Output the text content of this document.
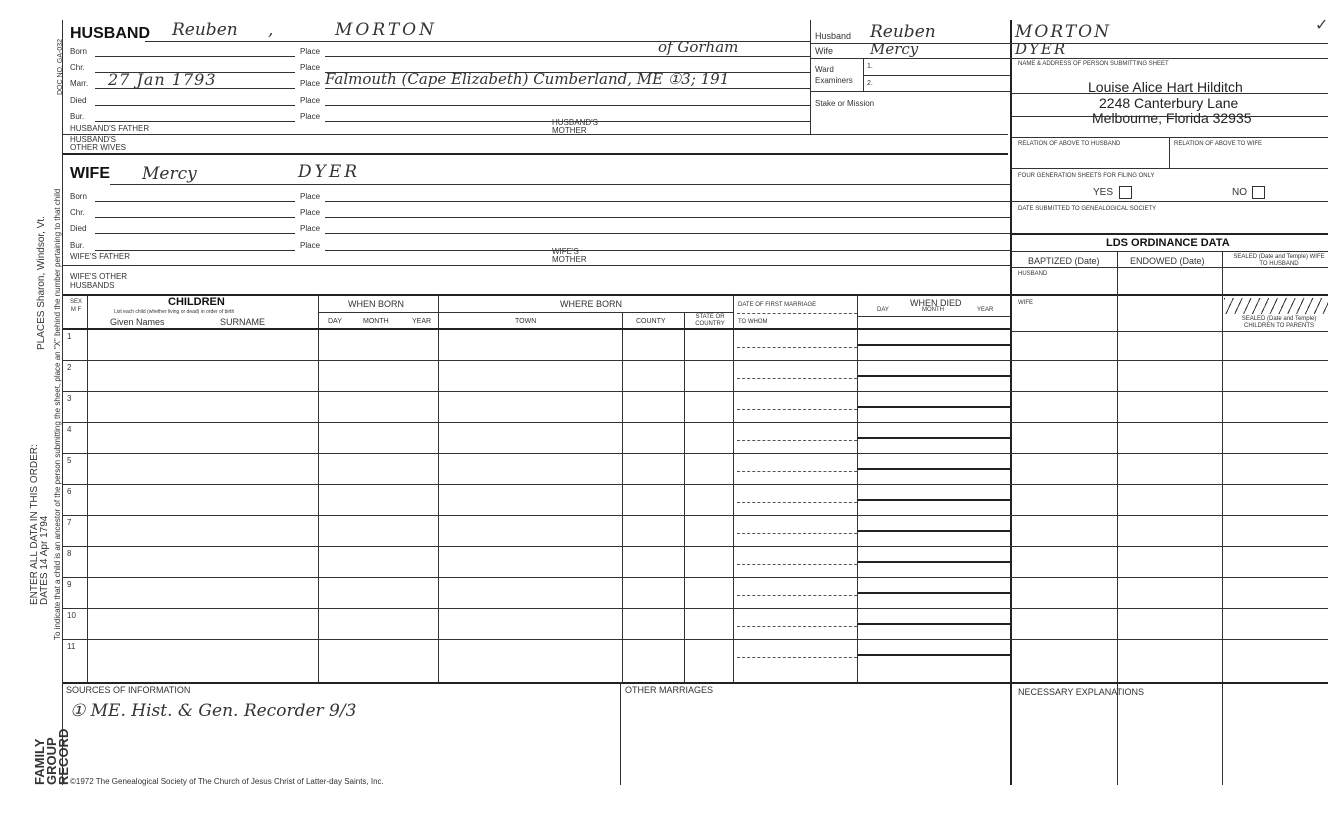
DOC NO. GA-032
To indicate that a child is an ancestor of the person submitting the sheet, place an "X" behind the number pertaining to that child
ENTER ALL DATA IN THIS ORDER: DATES 14 Apr 1794
PLACES Sharon, Windsor, Vt.
FAMILY GROUP RECORD
HUSBAND Reuben ,	MORTON
Born	Place	of Gorham
Chr.	Place
Marr. 27 Jan 1793	Place Falmouth (Cape Elizabeth) Cumberland, ME ①3; 191
Died	Place
Bur.	Place
HUSBAND'S FATHER
HUSBAND'S MOTHER
HUSBAND'S OTHER WIVES
WIFE Mercy	DYER
Born	Place
Chr.	Place
Died	Place
Bur.	Place
WIFE'S FATHER
WIFE'S MOTHER
WIFE'S OTHER HUSBANDS
Husband Reuben	MORTON
Wife Mercy	DYER
Ward
Examiners
1.
2.
Stake or Mission
NAME & ADDRESS OF PERSON SUBMITTING SHEET
Louise Alice Hart Hilditch
2248 Canterbury Lane
Melbourne, Florida 32935
RELATION OF ABOVE TO HUSBAND	RELATION OF ABOVE TO WIFE
FOUR GENERATION SHEETS FOR FILING ONLY
YES	NO
DATE SUBMITTED TO GENEALOGICAL SOCIETY
✓
LDS ORDINANCE DATA
BAPTIZED (Date)	ENDOWED (Date)	SEALED (Date and Temple) WIFE TO HUSBAND
HUSBAND
WIFE
SEALED (Date and Temple) CHILDREN TO PARENTS
SEX M F
CHILDREN
List each child (whether living or dead) in order of birth
Given Names	SURNAME
WHEN BORN
DAY	MONTH	YEAR
WHERE BORN
TOWN	COUNTY
STATE OR COUNTRY
DATE OF FIRST MARRIAGE
TO WHOM
WHEN DIED
DAY	MONTH	YEAR
1
2
3
4
5
6
7
8
9
10
11
SOURCES OF INFORMATION
① ME. Hist. & Gen. Recorder 9/3
OTHER MARRIAGES	NECESSARY EXPLANATIONS
©1972 The Genealogical Society of The Church of Jesus Christ of Latter-day Saints, Inc.
